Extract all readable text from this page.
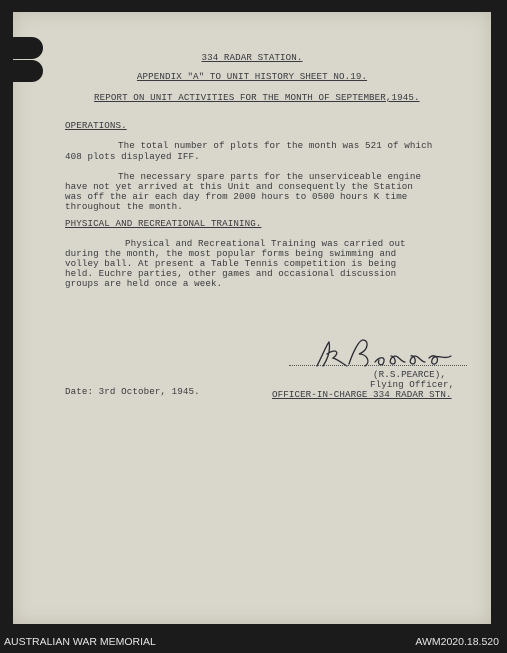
334 RADAR STATION.
APPENDIX "A" TO UNIT HISTORY SHEET NO.19.
REPORT ON UNIT ACTIVITIES FOR THE MONTH OF SEPTEMBER,1945.
OPERATIONS.
The total number of plots for the month was 521 of which
408 plots displayed IFF.
The necessary spare parts for the unserviceable engine
have not yet arrived at this Unit and consequently the Station
was off the air each day from 2000 hours to 0500 hours K time
throughout the month.
PHYSICAL AND RECREATIONAL TRAINING.
Physical and Recreational Training was carried out
during the month, the most popular forms being swimming and
volley ball. At present a Table Tennis competition is being
held. Euchre parties, other games and occasional discussion
groups are held once a week.
Date: 3rd October, 1945.
(R.S.PEARCE),
Flying Officer,
OFFICER-IN-CHARGE 334 RADAR STN.
AUSTRALIAN WAR MEMORIAL	AWM2020.18.520
